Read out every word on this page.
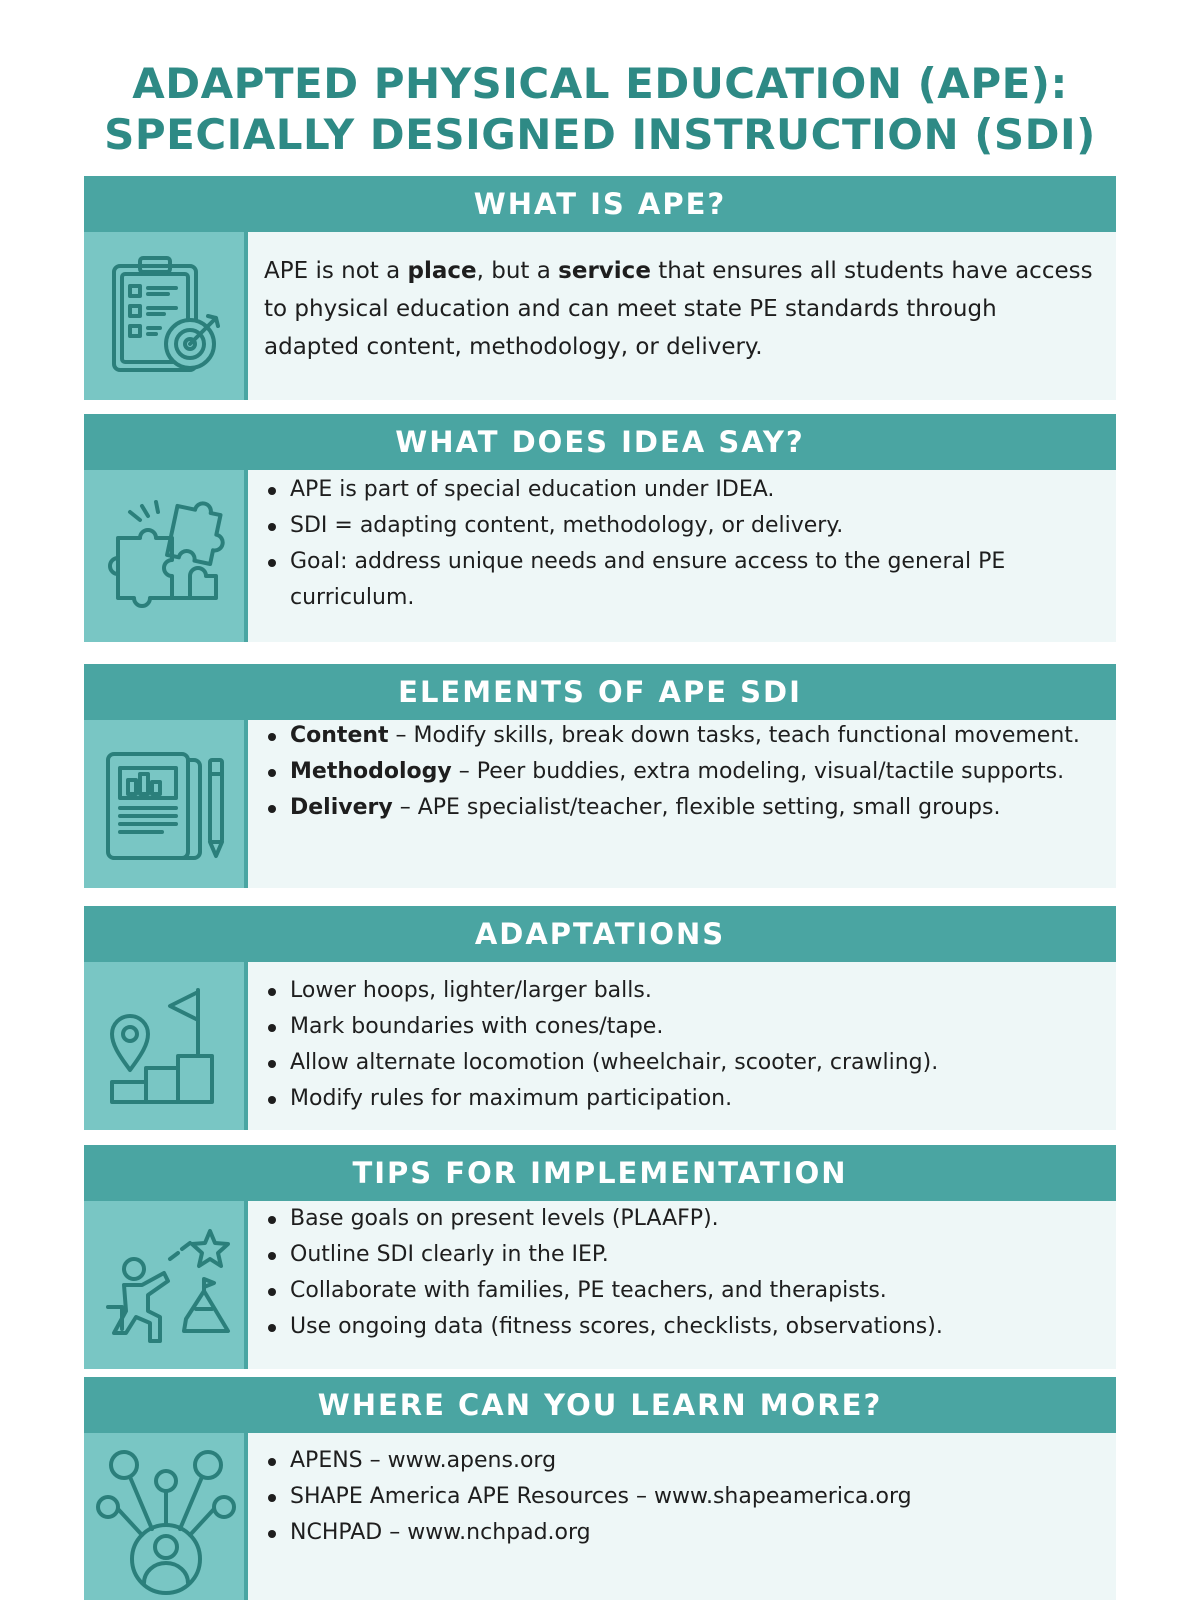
ADAPTED PHYSICAL EDUCATION (APE):
SPECIALLY DESIGNED INSTRUCTION (SDI)
WHAT IS APE?

APE is not a place, but a service that ensures all students have access to physical education and can meet state PE standards through adapted content, methodology, or delivery.

WHAT DOES IDEA SAY?
APE is part of special education under IDEA.
SDI = adapting content, methodology, or delivery.
Goal: address unique needs and ensure access to the general PE curriculum.
ELEMENTS OF APE SDI
Content – Modify skills, break down tasks, teach functional movement.
Methodology – Peer buddies, extra modeling, visual/tactile supports.
Delivery – APE specialist/teacher, flexible setting, small groups.
ADAPTATIONS
Lower hoops, lighter/larger balls.
Mark boundaries with cones/tape.
Allow alternate locomotion (wheelchair, scooter, crawling).
Modify rules for maximum participation.
TIPS FOR IMPLEMENTATION
Base goals on present levels (PLAAFP).
Outline SDI clearly in the IEP.
Collaborate with families, PE teachers, and therapists.
Use ongoing data (fitness scores, checklists, observations).
WHERE CAN YOU LEARN MORE?
APENS – www.apens.org
SHAPE America APE Resources – www.shapeamerica.org
NCHPAD – www.nchpad.org
